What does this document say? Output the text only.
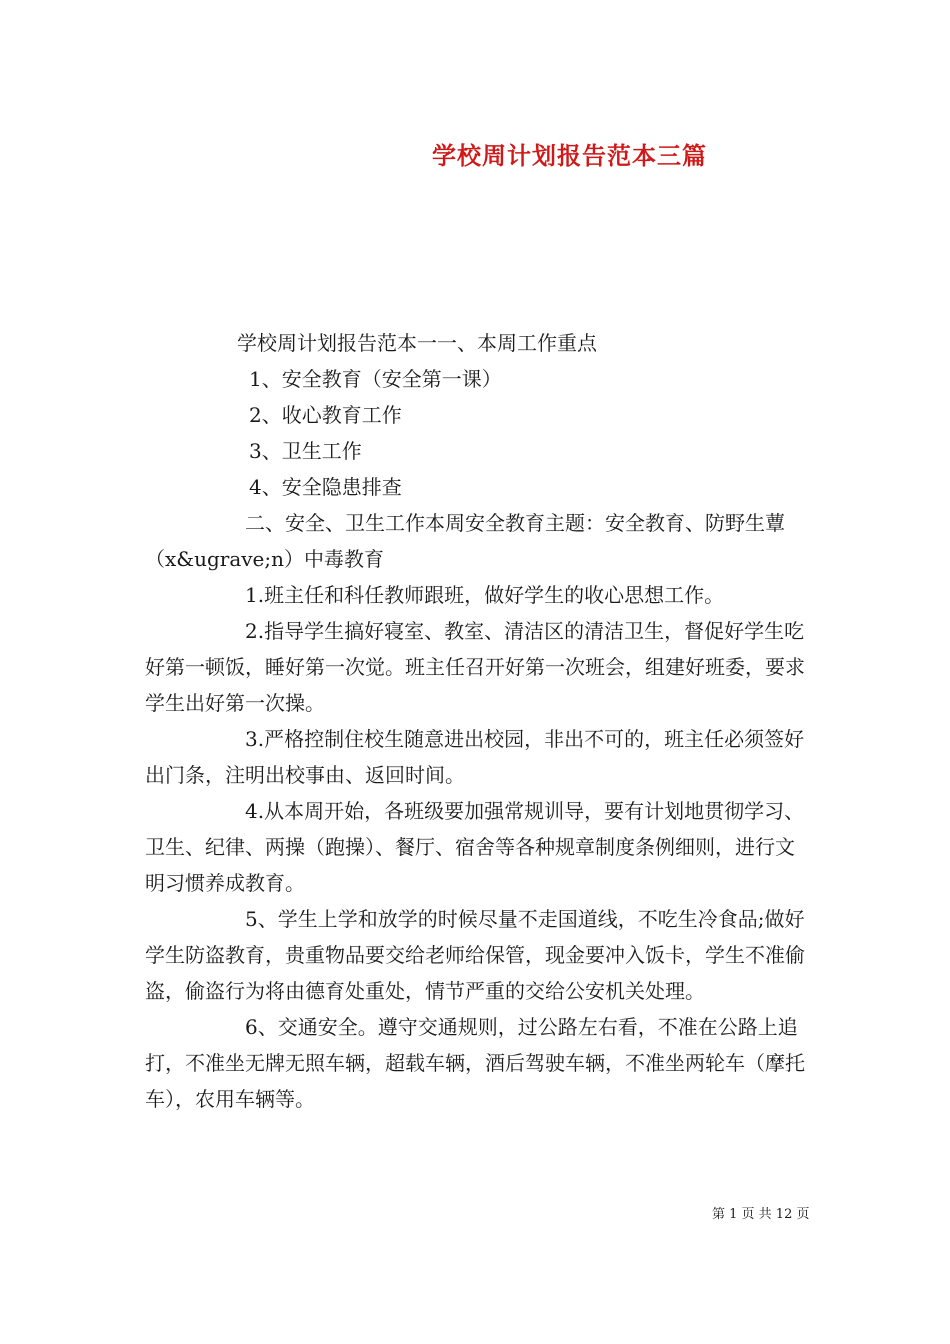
学校周计划报告范本三篇

学校周计划报告范本一一、本周工作重点

1、安全教育（安全第一课）

2、收心教育工作

3、卫生工作

4、安全隐患排查

二、安全、卫生工作本周安全教育主题：安全教育、防野生蕈（x&ugrave;n）中毒教育

1.班主任和科任教师跟班，做好学生的收心思想工作。

2.指导学生搞好寝室、教室、清洁区的清洁卫生，督促好学生吃好第一顿饭，睡好第一次觉。班主任召开好第一次班会，组建好班委，要求学生出好第一次操。

3.严格控制住校生随意进出校园，非出不可的，班主任必须签好出门条，注明出校事由、返回时间。

4.从本周开始，各班级要加强常规训导，要有计划地贯彻学习、卫生、纪律、两操（跑操）、餐厅、宿舍等各种规章制度条例细则，进行文明习惯养成教育。

5、学生上学和放学的时候尽量不走国道线，不吃生冷食品;做好学生防盗教育，贵重物品要交给老师给保管，现金要冲入饭卡，学生不准偷盗，偷盗行为将由德育处重处，情节严重的交给公安机关处理。

6、交通安全。遵守交通规则，过公路左右看，不准在公路上追打，不准坐无牌无照车辆，超载车辆，酒后驾驶车辆，不准坐两轮车（摩托车），农用车辆等。

第 1 页 共 12 页
